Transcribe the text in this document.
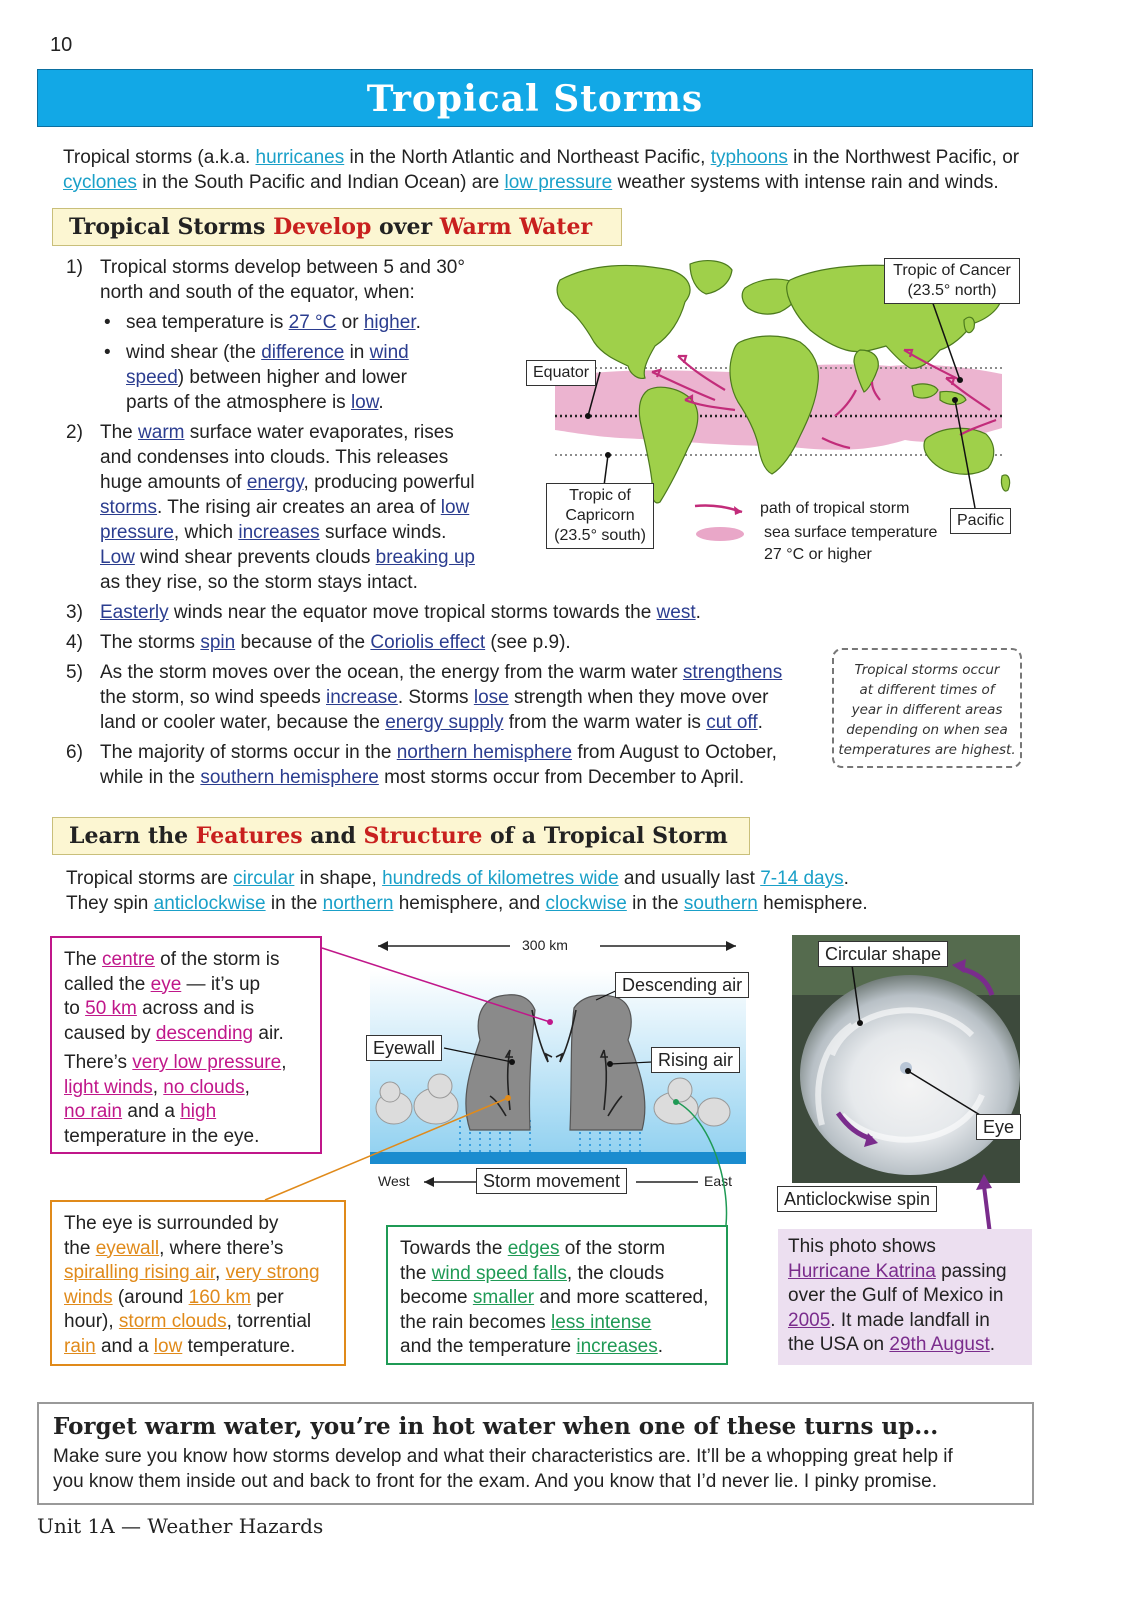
10
Tropical Storms
Tropical storms (a.k.a. hurricanes in the North Atlantic and Northeast Pacific, typhoons in the Northwest Pacific, or
cyclones in the South Pacific and Indian Ocean) are low pressure weather systems with intense rain and winds.
Tropical Storms Develop over Warm Water
1) Tropical storms develop between 5 and 30°

north and south of the equator, when:

• sea temperature is 27 °C or higher.
• wind shear (the difference in wind
speed) between higher and lower
parts of the atmosphere is low.
2) The warm surface water evaporates, rises

and condenses into clouds. This releases

huge amounts of energy, producing powerful

storms. The rising air creates an area of low

pressure, which increases surface winds.

Low wind shear prevents clouds breaking up

as they rise, so the storm stays intact.

3) Easterly winds near the equator move tropical storms towards the west.

4) The storms spin because of the Coriolis effect (see p.9).

5) As the storm moves over the ocean, the energy from the warm water strengthens

the storm, so wind speeds increase. Storms lose strength when they move over

land or cooler water, because the energy supply from the warm water is cut off.

6) The majority of storms occur in the northern hemisphere from August to October,

while in the southern hemisphere most storms occur from December to April.

Tropic of Cancer
(23.5° north)
Equator
Tropic of
Capricorn
(23.5° south)
Pacific
path of tropical storm
sea surface temperature
27 °C or higher
Tropical storms occur
at different times of
year in different areas
depending on when sea
temperatures are highest.
Learn the Features and Structure of a Tropical Storm

Tropical storms are circular in shape, hundreds of kilometres wide and usually last 7-14 days.

They spin anticlockwise in the northern hemisphere, and clockwise in the southern hemisphere.

300 km
Descending air
Eyewall
Rising air
West	East
Storm movement

The centre of the storm is

called the eye — it’s up

to 50 km across and is

caused by descending air.

There’s very low pressure,

light winds, no clouds,

no rain and a high

temperature in the eye.

The eye is surrounded by

the eyewall, where there’s

spiralling rising air, very strong

winds (around 160 km per

hour), storm clouds, torrential

rain and a low temperature.

Towards the edges of the storm

the wind speed falls, the clouds

become smaller and more scattered,

the rain becomes less intense

and the temperature increases.

Circular shape
Eye
Anticlockwise spin

This photo shows

Hurricane Katrina passing

over the Gulf of Mexico in

2005. It made landfall in

the USA on 29th August.

Forget warm water, you’re in hot water when one of these turns up...

Make sure you know how storms develop and what their characteristics are. It’ll be a whopping great help if

you know them inside out and back to front for the exam. And you know that I’d never lie. I pinky promise.

Unit 1A — Weather Hazards
